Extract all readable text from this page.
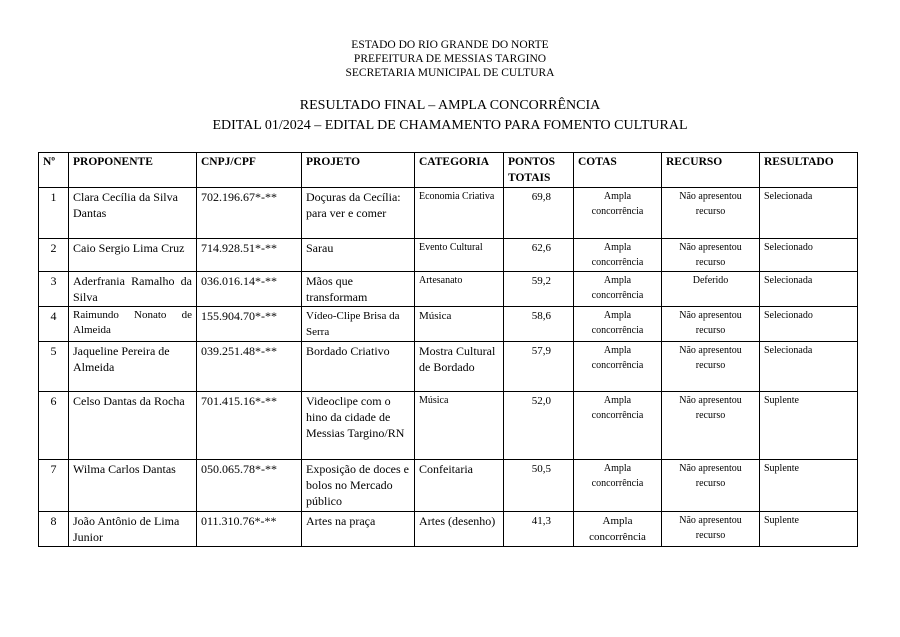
ESTADO DO RIO GRANDE DO NORTE
PREFEITURA DE MESSIAS TARGINO
SECRETARIA MUNICIPAL DE CULTURA
RESULTADO FINAL – AMPLA CONCORRÊNCIA
EDITAL 01/2024 – EDITAL DE CHAMAMENTO PARA FOMENTO CULTURAL
Nº	PROPONENTE	CNPJ/CPF	PROJETO	CATEGORIA	PONTOS TOTAIS	COTAS	RECURSO	RESULTADO
1	Clara Cecília da Silva Dantas	702.196.67*-**	Doçuras da Cecília: para ver e comer	Economia Criativa	69,8	Ampla concorrência	Não apresentou recurso	Selecionada
2	Caio Sergio Lima Cruz	714.928.51*-**	Sarau	Evento Cultural	62,6	Ampla concorrência	Não apresentou recurso	Selecionado
3	Aderfrania Ramalho da Silva	036.016.14*-**	Mãos que transformam	Artesanato	59,2	Ampla concorrência	Deferido	Selecionada
4	Raimundo Nonato de Almeida	155.904.70*-**	Vídeo-Clipe Brisa da Serra	Música	58,6	Ampla concorrência	Não apresentou recurso	Selecionado
5	Jaqueline Pereira de Almeida	039.251.48*-**	Bordado Criativo	Mostra Cultural de Bordado	57,9	Ampla concorrência	Não apresentou recurso	Selecionada
6	Celso Dantas da Rocha	701.415.16*-**	Videoclipe com o hino da cidade de Messias Targino/RN	Música	52,0	Ampla concorrência	Não apresentou recurso	Suplente
7	Wilma Carlos Dantas	050.065.78*-**	Exposição de doces e bolos no Mercado público	Confeitaria	50,5	Ampla concorrência	Não apresentou recurso	Suplente
8	João Antônio de Lima Junior	011.310.76*-**	Artes na praça	Artes (desenho)	41,3	Ampla concorrência	Não apresentou recurso	Suplente
